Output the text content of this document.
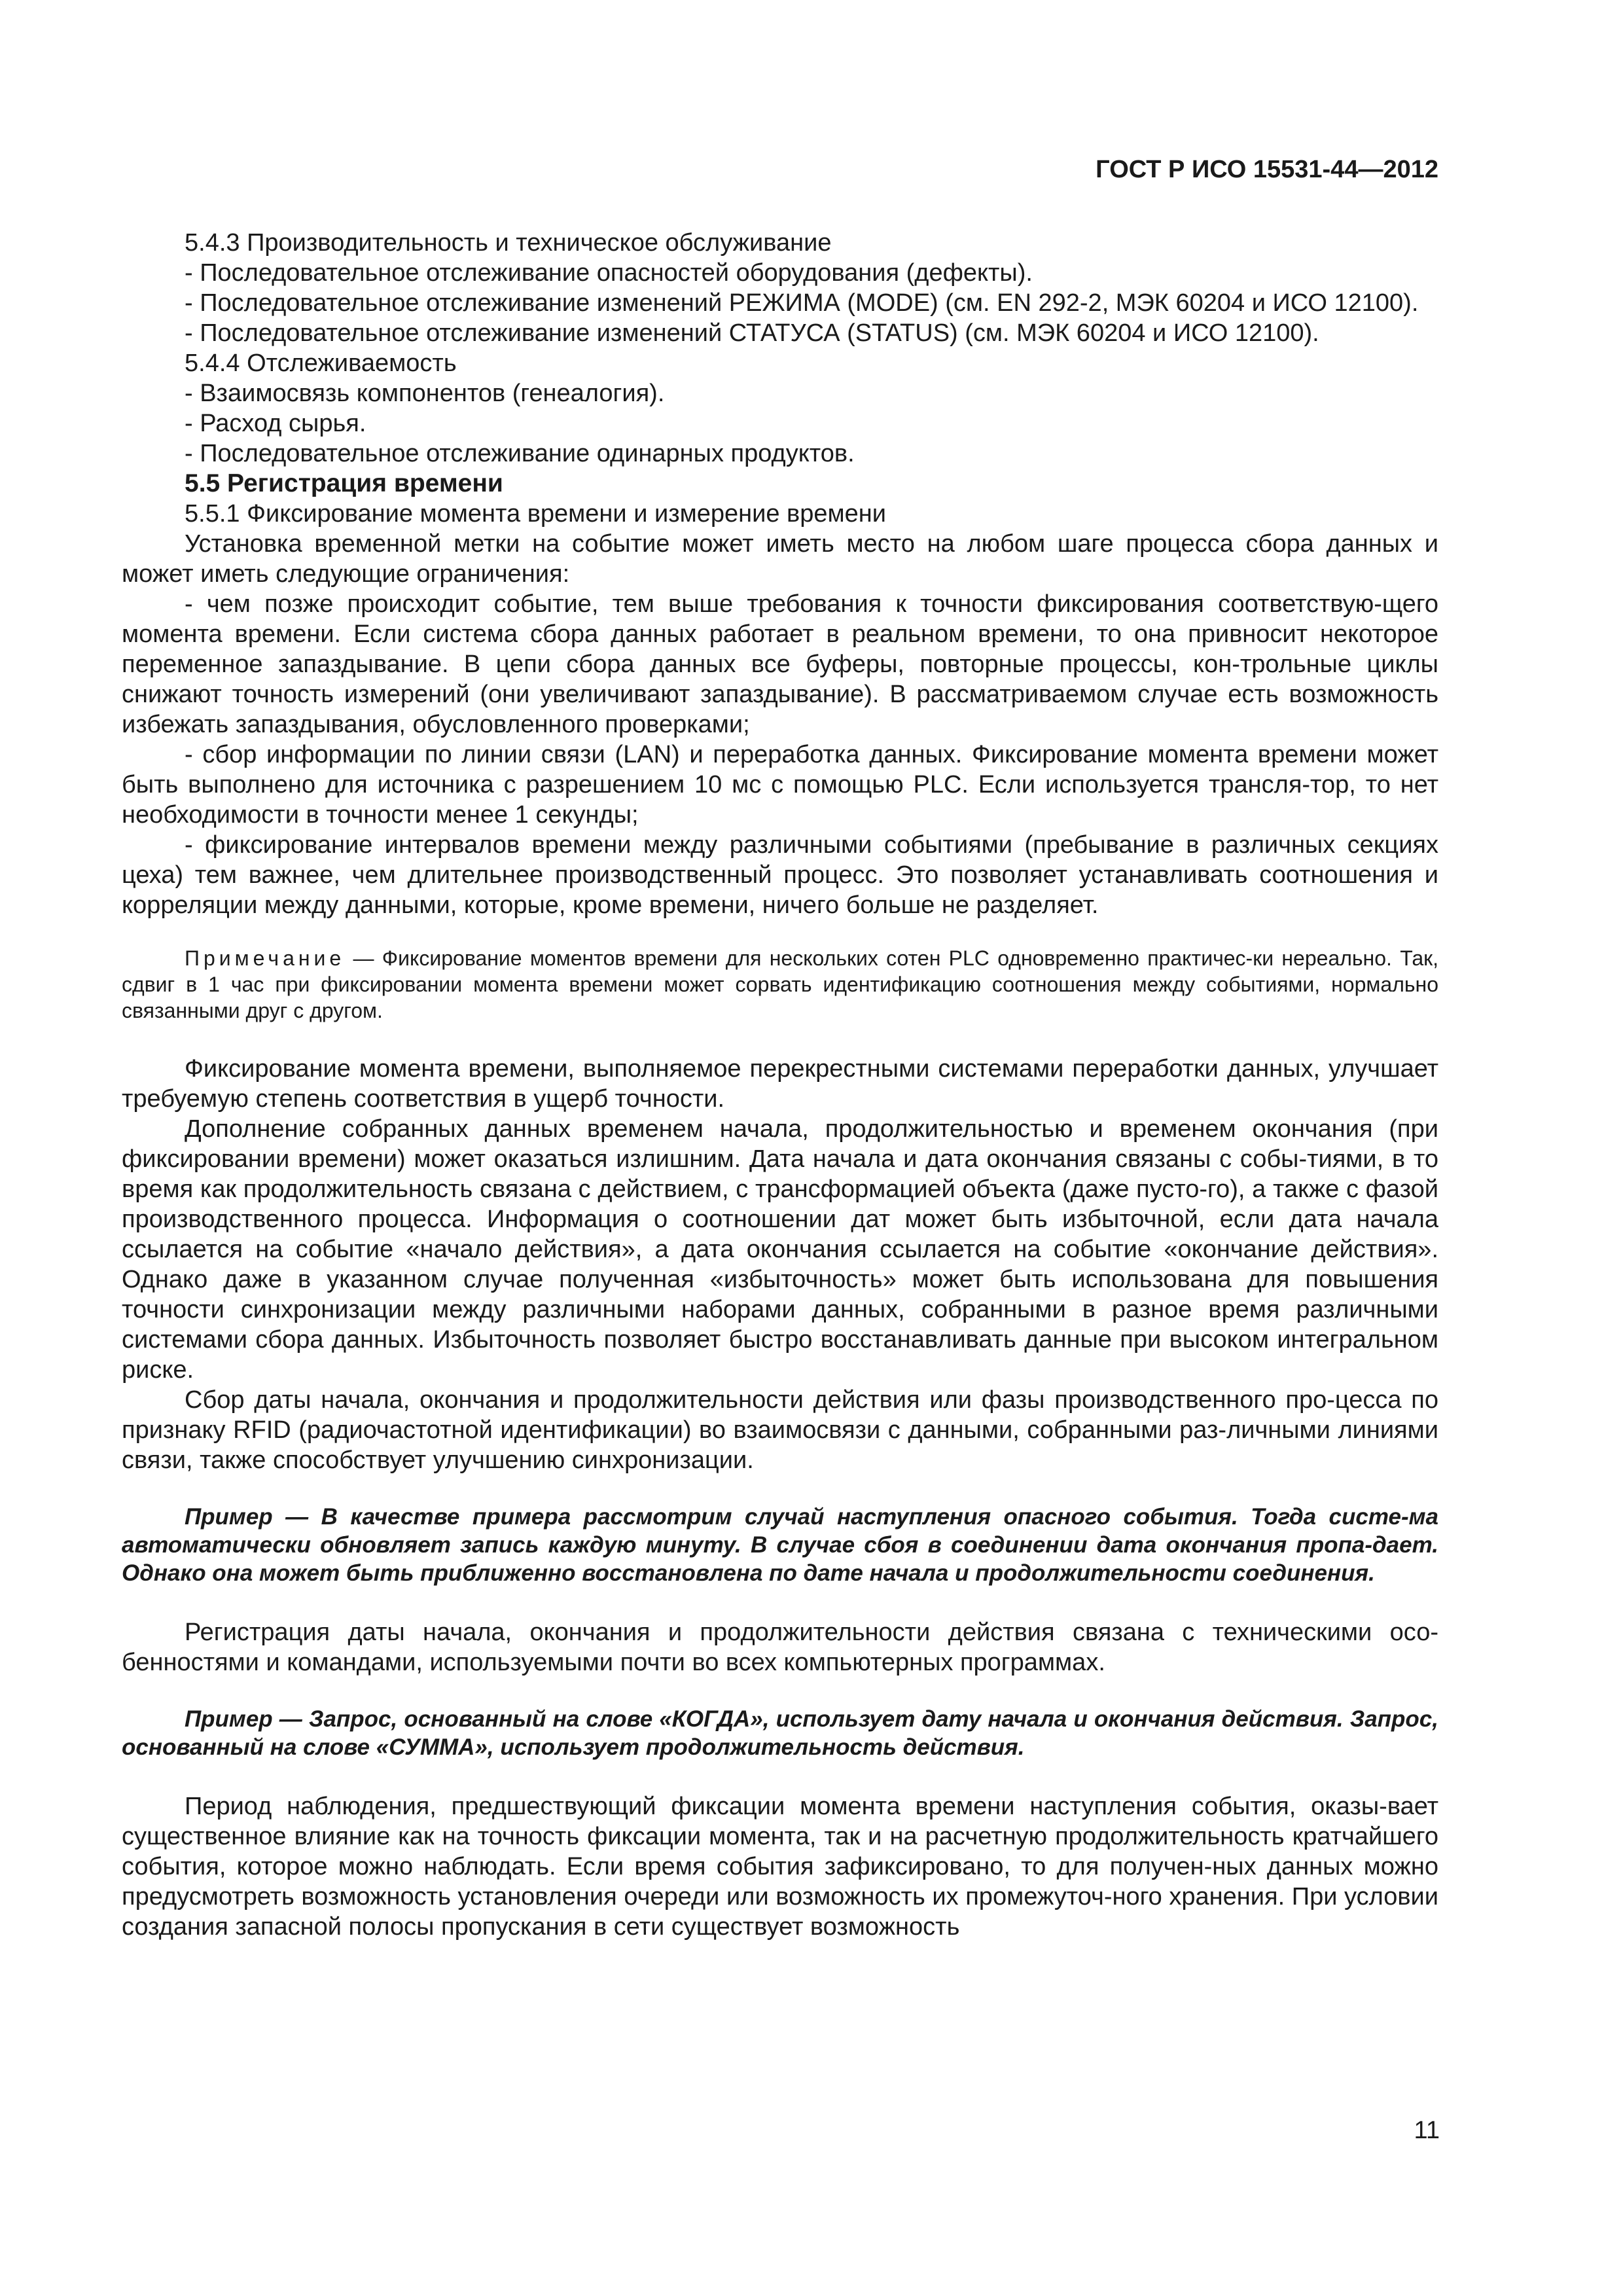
ГОСТ Р ИСО 15531-44—2012

5.4.3 Производительность и техническое обслуживание

- Последовательное отслеживание опасностей оборудования (дефекты).

- Последовательное отслеживание изменений РЕЖИМА (MODE) (см. EN 292-2, МЭК 60204 и ИСО 12100).

- Последовательное отслеживание изменений СТАТУСА (STATUS) (см. МЭК 60204 и ИСО 12100).

5.4.4 Отслеживаемость

- Взаимосвязь компонентов (генеалогия).

- Расход сырья.

- Последовательное отслеживание одинарных продуктов.

5.5 Регистрация времени

5.5.1 Фиксирование момента времени и измерение времени

Установка временной метки на событие может иметь место на любом шаге процесса сбора данных и может иметь следующие ограничения:

- чем позже происходит событие, тем выше требования к точности фиксирования соответствую-щего момента времени. Если система сбора данных работает в реальном времени, то она привносит некоторое переменное запаздывание. В цепи сбора данных все буферы, повторные процессы, кон-трольные циклы снижают точность измерений (они увеличивают запаздывание). В рассматриваемом случае есть возможность избежать запаздывания, обусловленного проверками;

- сбор информации по линии связи (LAN) и переработка данных. Фиксирование момента времени может быть выполнено для источника с разрешением 10 мс с помощью PLC. Если используется трансля-тор, то нет необходимости в точности менее 1 секунды;

- фиксирование интервалов времени между различными событиями (пребывание в различных секциях цеха) тем важнее, чем длительнее производственный процесс. Это позволяет устанавливать соотношения и корреляции между данными, которые, кроме времени, ничего больше не разделяет.

Примечание — Фиксирование моментов времени для нескольких сотен PLC одновременно практичес-ки нереально. Так, сдвиг в 1 час при фиксировании момента времени может сорвать идентификацию соотношения между событиями, нормально связанными друг с другом.

Фиксирование момента времени, выполняемое перекрестными системами переработки данных, улучшает требуемую степень соответствия в ущерб точности.

Дополнение собранных данных временем начала, продолжительностью и временем окончания (при фиксировании времени) может оказаться излишним. Дата начала и дата окончания связаны с собы-тиями, в то время как продолжительность связана с действием, с трансформацией объекта (даже пусто-го), а также с фазой производственного процесса. Информация о соотношении дат может быть избыточной, если дата начала ссылается на событие «начало действия», а дата окончания ссылается на событие «окончание действия». Однако даже в указанном случае полученная «избыточность» может быть использована для повышения точности синхронизации между различными наборами данных, собранными в разное время различными системами сбора данных. Избыточность позволяет быстро восстанавливать данные при высоком интегральном риске.

Сбор даты начала, окончания и продолжительности действия или фазы производственного про-цесса по признаку RFID (радиочастотной идентификации) во взаимосвязи с данными, собранными раз-личными линиями связи, также способствует улучшению синхронизации.

Пример — В качестве примера рассмотрим случай наступления опасного события. Тогда систе-ма автоматически обновляет запись каждую минуту. В случае сбоя в соединении дата окончания пропа-дает. Однако она может быть приближенно восстановлена по дате начала и продолжительности соединения.

Регистрация даты начала, окончания и продолжительности действия связана с техническими осо-бенностями и командами, используемыми почти во всех компьютерных программах.

Пример — Запрос, основанный на слове «КОГДА», использует дату начала и окончания действия. Запрос, основанный на слове «СУММА», использует продолжительность действия.

Период наблюдения, предшествующий фиксации момента времени наступления события, оказы-вает существенное влияние как на точность фиксации момента, так и на расчетную продолжительность кратчайшего события, которое можно наблюдать. Если время события зафиксировано, то для получен-ных данных можно предусмотреть возможность установления очереди или возможность их промежуточ-ного хранения. При условии создания запасной полосы пропускания в сети существует возможность

11
